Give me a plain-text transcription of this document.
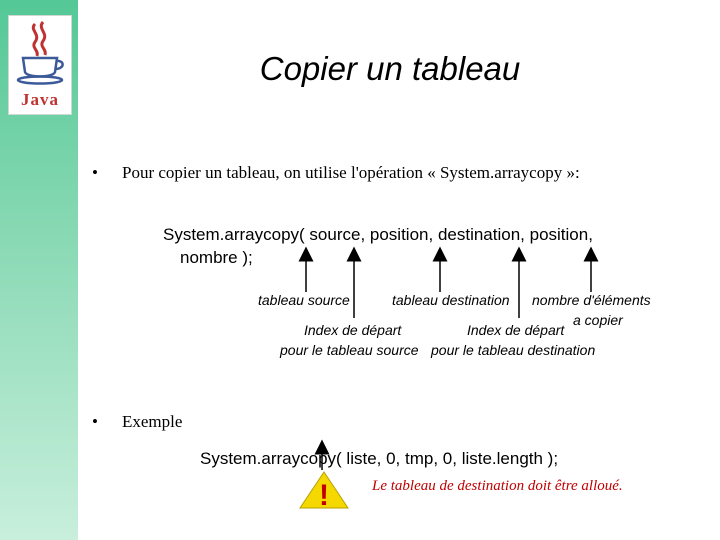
Java
Copier un tableau
• Pour copier un tableau, on utilise l'opération « System.arraycopy »:
System.arraycopy( source, position, destination, position,
nombre );
tableau source	tableau destination nombre d'éléments
a copier
Index de départ	Index de départ
pour le tableau source pour le tableau destination
• Exemple
System.arraycopy( liste, 0, tmp, 0, liste.length );
!	Le tableau de destination doit être alloué.
